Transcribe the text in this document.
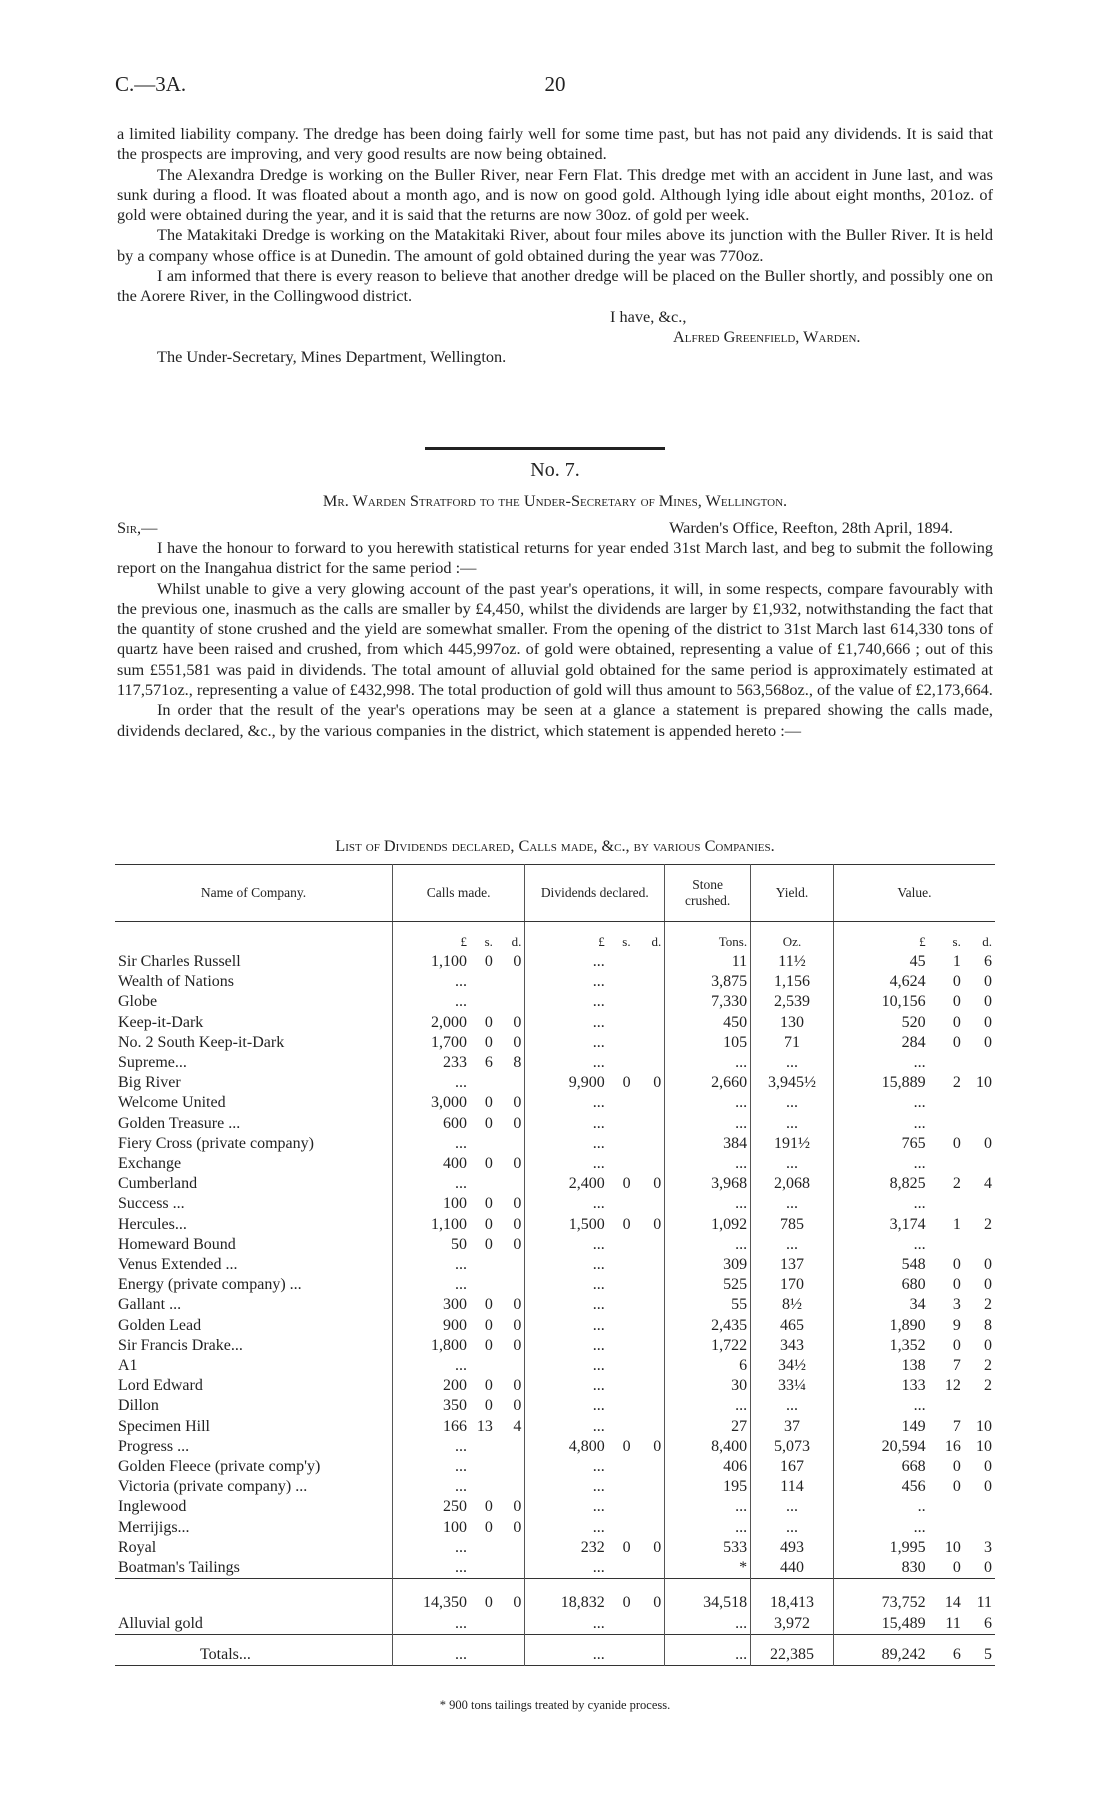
C.—3A.	20

a limited liability company. The dredge has been doing fairly well for some time past, but has not paid any dividends. It is said that the prospects are improving, and very good results are now being obtained.

The Alexandra Dredge is working on the Buller River, near Fern Flat. This dredge met with an accident in June last, and was sunk during a flood. It was floated about a month ago, and is now on good gold. Although lying idle about eight months, 201oz. of gold were obtained during the year, and it is said that the returns are now 30oz. of gold per week.

The Matakitaki Dredge is working on the Matakitaki River, about four miles above its junction with the Buller River. It is held by a company whose office is at Dunedin. The amount of gold obtained during the year was 770oz.

I am informed that there is every reason to believe that another dredge will be placed on the Buller shortly, and possibly one on the Aorere River, in the Collingwood district.

I have, &c.,
Alfred Greenfield, Warden.
The Under-Secretary, Mines Department, Wellington.
No. 7.
Mr. Warden Stratford to the Under-Secretary of Mines, Wellington.
Sir,—	Warden's Office, Reefton, 28th April, 1894.

I have the honour to forward to you herewith statistical returns for year ended 31st March last, and beg to submit the following report on the Inangahua district for the same period :—

Whilst unable to give a very glowing account of the past year's operations, it will, in some respects, compare favourably with the previous one, inasmuch as the calls are smaller by £4,450, whilst the dividends are larger by £1,932, notwithstanding the fact that the quantity of stone crushed and the yield are somewhat smaller. From the opening of the district to 31st March last 614,330 tons of quartz have been raised and crushed, from which 445,997oz. of gold were obtained, representing a value of £1,740,666 ; out of this sum £551,581 was paid in dividends. The total amount of alluvial gold obtained for the same period is approximately estimated at 117,571oz., representing a value of £432,998. The total production of gold will thus amount to 563,568oz., of the value of £2,173,664.

In order that the result of the year's operations may be seen at a glance a statement is prepared showing the calls made, dividends declared, &c., by the various companies in the district, which statement is appended hereto :—

List of Dividends declared, Calls made, &c., by various Companies.
Name of Company.	Calls made.			Dividends declared.			Stone crushed.	Yield.	Value.		
	£	s.	d.	£	s.	d.	Tons.	Oz.	£	s.	d.
Sir Charles Russell	1,100	0	0	...			11	11½	45	1	6
Wealth of Nations	...			...			3,875	1,156	4,624	0	0
Globe	...			...			7,330	2,539	10,156	0	0
Keep-it-Dark	2,000	0	0	...			450	130	520	0	0
No. 2 South Keep-it-Dark	1,700	0	0	...			105	71	284	0	0
Supreme...	233	6	8	...			...	...	...		
Big River	...			9,900	0	0	2,660	3,945½	15,889	2	10
Welcome United	3,000	0	0	...			...	...	...		
Golden Treasure ...	600	0	0	...			...	...	...		
Fiery Cross (private company)	...			...			384	191½	765	0	0
Exchange	400	0	0	...			...	...	...		
Cumberland	...			2,400	0	0	3,968	2,068	8,825	2	4
Success ...	100	0	0	...			...	...	...		
Hercules...	1,100	0	0	1,500	0	0	1,092	785	3,174	1	2
Homeward Bound	50	0	0	...			...	...	...		
Venus Extended ...	...			...			309	137	548	0	0
Energy (private company) ...	...			...			525	170	680	0	0
Gallant ...	300	0	0	...			55	8½	34	3	2
Golden Lead	900	0	0	...			2,435	465	1,890	9	8
Sir Francis Drake...	1,800	0	0	...			1,722	343	1,352	0	0
A1	...			...			6	34½	138	7	2
Lord Edward	200	0	0	...			30	33¼	133	12	2
Dillon	350	0	0	...			...	...	...		
Specimen Hill	166	13	4	...			27	37	149	7	10
Progress ...	...			4,800	0	0	8,400	5,073	20,594	16	10
Golden Fleece (private comp'y)	...			...			406	167	668	0	0
Victoria (private company) ...	...			...			195	114	456	0	0
Inglewood	250	0	0	...			...	...	..		
Merrijigs...	100	0	0	...			...	...	...		
Royal	...			232	0	0	533	493	1,995	10	3
Boatman's Tailings	...			...			*	440	830	0	0
	14,350	0	0	18,832	0	0	34,518	18,413	73,752	14	11
Alluvial gold	...			...			...	3,972	15,489	11	6
Totals...	...			...			...	22,385	89,242	6	5
* 900 tons tailings treated by cyanide process.
